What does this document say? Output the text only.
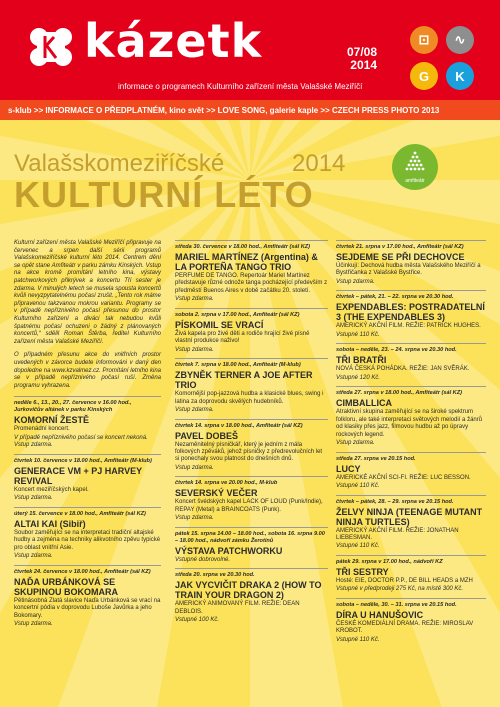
kázetk	07/08
2014
informace o programech Kulturního zařízení města Valašské Meziříčí
⊡	∿
G	K
s-klub >> INFORMACE O PŘEDPLATNÉM, kino svět >> LOVE SONG, galerie kaple >> CZECH PRESS PHOTO 2013
Valašskomeziříčské	2014
KULTURNÍ LÉTO	amfiteátr

Kulturní zařízení města Valašské Meziříčí připravuje na červenec a srpen další sérii programů Valašskomeziříčské kulturní léto 2014. Centrem dění se opět stane Amfiteátr v parku zámku Kinských. Vstup na akce kromě promítání letního kina, výstavy patchworkových přikrývek a koncertu Tří sester je zdarma. V minulých letech se musela spousta koncertů kvůli nevyzpytatelnému počasí zrušit. „Tento rok máme připravenou takzvanou mokrou variantu. Programy se v případě nepříznivého počasí přesunou do prostor Kulturního zařízení a diváci tak nebudou kvůli špatnému počasí ochuzeni o žádný z plánovaných koncertů,“ sdělil Roman Štěrba, ředitel Kulturního zařízení města Valašské Meziříčí.

O případném přesunu akce do vnitřních prostor uvedených v závorce budete informováni v daný den dopoledne na www.kzvalmez.cz. Promítání letního kina se v případě nepříznivého počasí ruší. Změna programu vyhrazena.

neděle 6., 13., 20., 27. července v 16.00 hod., Jurkovičův altánek v parku Kinských
KOMORNÍ ŽESTĚ
Promenádní koncert.
V případě nepříznivého počasí se koncert nekoná. Vstup zdarma.
čtvrtek 10. července v 18.00 hod., Amfiteátr (M-klub)
GENERACE VM + PJ HARVEY REVIVAL
Koncert meziříčských kapel.
Vstup zdarma.
úterý 15. července v 18.00 hod., Amfiteátr (sál KZ)
ALTAI KAI (Sibiř)
Soubor zaměřující se na interpretaci tradiční altajské hudby a zejména na techniky alikvotního zpěvu typické pro oblast vnitřní Asie.
Vstup zdarma.
čtvrtek 24. července v 18.00 hod., Amfiteátr (sál KZ)
NAĎA URBÁNKOVÁ SE SKUPINOU BOKOMARA
Pětinásobná Zlatá slavice Naďa Urbánková se vrací na koncertní pódia v doprovodu Luboše Javůrka a jeho Bokomary.
Vstup zdarma.
středa 30. července v 18.00 hod., Amfiteátr (sál KZ)
MARIEL MARTÍNEZ (Argentina) & LA PORTEÑA TANGO TRIO
PERFUME DE TANGO. Repertoár Mariel Martínez představuje různé odnože tanga pocházející především z předměstí Buenos Aires v době začátku 20. století.
Vstup zdarma.
sobota 2. srpna v 17.00 hod., Amfiteátr (sál KZ)
PÍSKOMIL SE VRACÍ
Živá kapela pro živé děti a rodiče hrající živé písně vlastní produkce naživo!
Vstup zdarma.
čtvrtek 7. srpna v 18.00 hod., Amfiteátr (M-klub)
ZBYNĚK TERNER A JOE AFTER TRIO
Komornější pop-jazzová hudba a klasické blues, swing i latina za doprovodu skvělých hudebníků.
Vstup zdarma.
čtvrtek 14. srpna v 18.00 hod., Amfiteátr (sál KZ)
PAVEL DOBEŠ
Nezaměnitelný písničkář, který je jedním z mála folkových zpěváků, jehož písničky z předrevolučních let si ponechaly svou platnost do dnešních dnů.
Vstup zdarma.
čtvrtek 14. srpna ve 20.00 hod., M-klub
SEVERSKÝ VEČER
Koncert švédských kapel LACK OF LOUD (Punk/Indie), REPAY (Metal) a BRAINCOATS (Punk).
Vstup zdarma.
pátek 15. srpna 14.00 – 18.00 hod., sobota 16. srpna 9.00 – 18.00 hod., nádvoří zámku Žerotínů
VÝSTAVA PATCHWORKU
Vstupné dobrovolné.
středa 20. srpna ve 20.30 hod.
JAK VYCVIČIT DRAKA 2 (HOW TO TRAIN YOUR DRAGON 2)
AMERICKÝ ANIMOVANÝ FILM. REŽIE: DEAN DEBLOIS.
Vstupné 100 Kč.
čtvrtek 21. srpna v 17.00 hod., Amfiteátr (sál KZ)
SEJDEME SE PŘI DECHOVCE
Účinkují: Dechová hudba města Valašského Meziříčí a Bystřičanka z Valašské Bystřice.
Vstup zdarma.
čtvrtek – pátek, 21. – 22. srpna ve 20.30 hod.
EXPENDABLES: POSTRADATELNÍ 3 (THE EXPENDABLES 3)
AMERICKÝ AKČNÍ FILM. REŽIE: PATRICK HUGHES.
Vstupné 110 Kč.
sobota – neděle, 23. – 24. srpna ve 20.30 hod.
TŘI BRATŘI
NOVÁ ČESKÁ POHÁDKA. REŽIE: JAN SVĚRÁK.
Vstupné 120 Kč.
středa 27. srpna v 18.00 hod., Amfiteátr (sál KZ)
CIMBALLICA
Atraktivní skupina zaměřující se na široké spektrum folkloru, ale také interpretaci světových melodií a žánrů od klasiky přes jazz, filmovou hudbu až po úpravy rockových legend.
Vstup zdarma.
středa 27. srpna ve 20.15 hod.
LUCY
AMERICKÉ AKČNÍ SCI-FI. REŽIE: LUC BESSON.
Vstupné 110 Kč.
čtvrtek – pátek, 28. – 29. srpna ve 20.15 hod.
ŽELVY NINJA (TEENAGE MUTANT NINJA TURTLES)
AMERICKÝ AKČNÍ FILM. REŽIE: JONATHAN LIEBESMAN.
Vstupné 110 Kč.
pátek 29. srpna v 17.00 hod., nádvoří KZ
TŘI SESTRY
Hosté: EIE, DOCTOR P.P., DE BILL HEADS a MZH
Vstupné v předprodeji 275 Kč, na místě 300 Kč.
sobota – neděle, 30. – 31. srpna ve 20.15 hod.
DÍRA U HANUŠOVIC
ČESKÉ KOMEDIÁLNÍ DRAMA. REŽIE: MIROSLAV KROBOT.
Vstupné 110 Kč.
